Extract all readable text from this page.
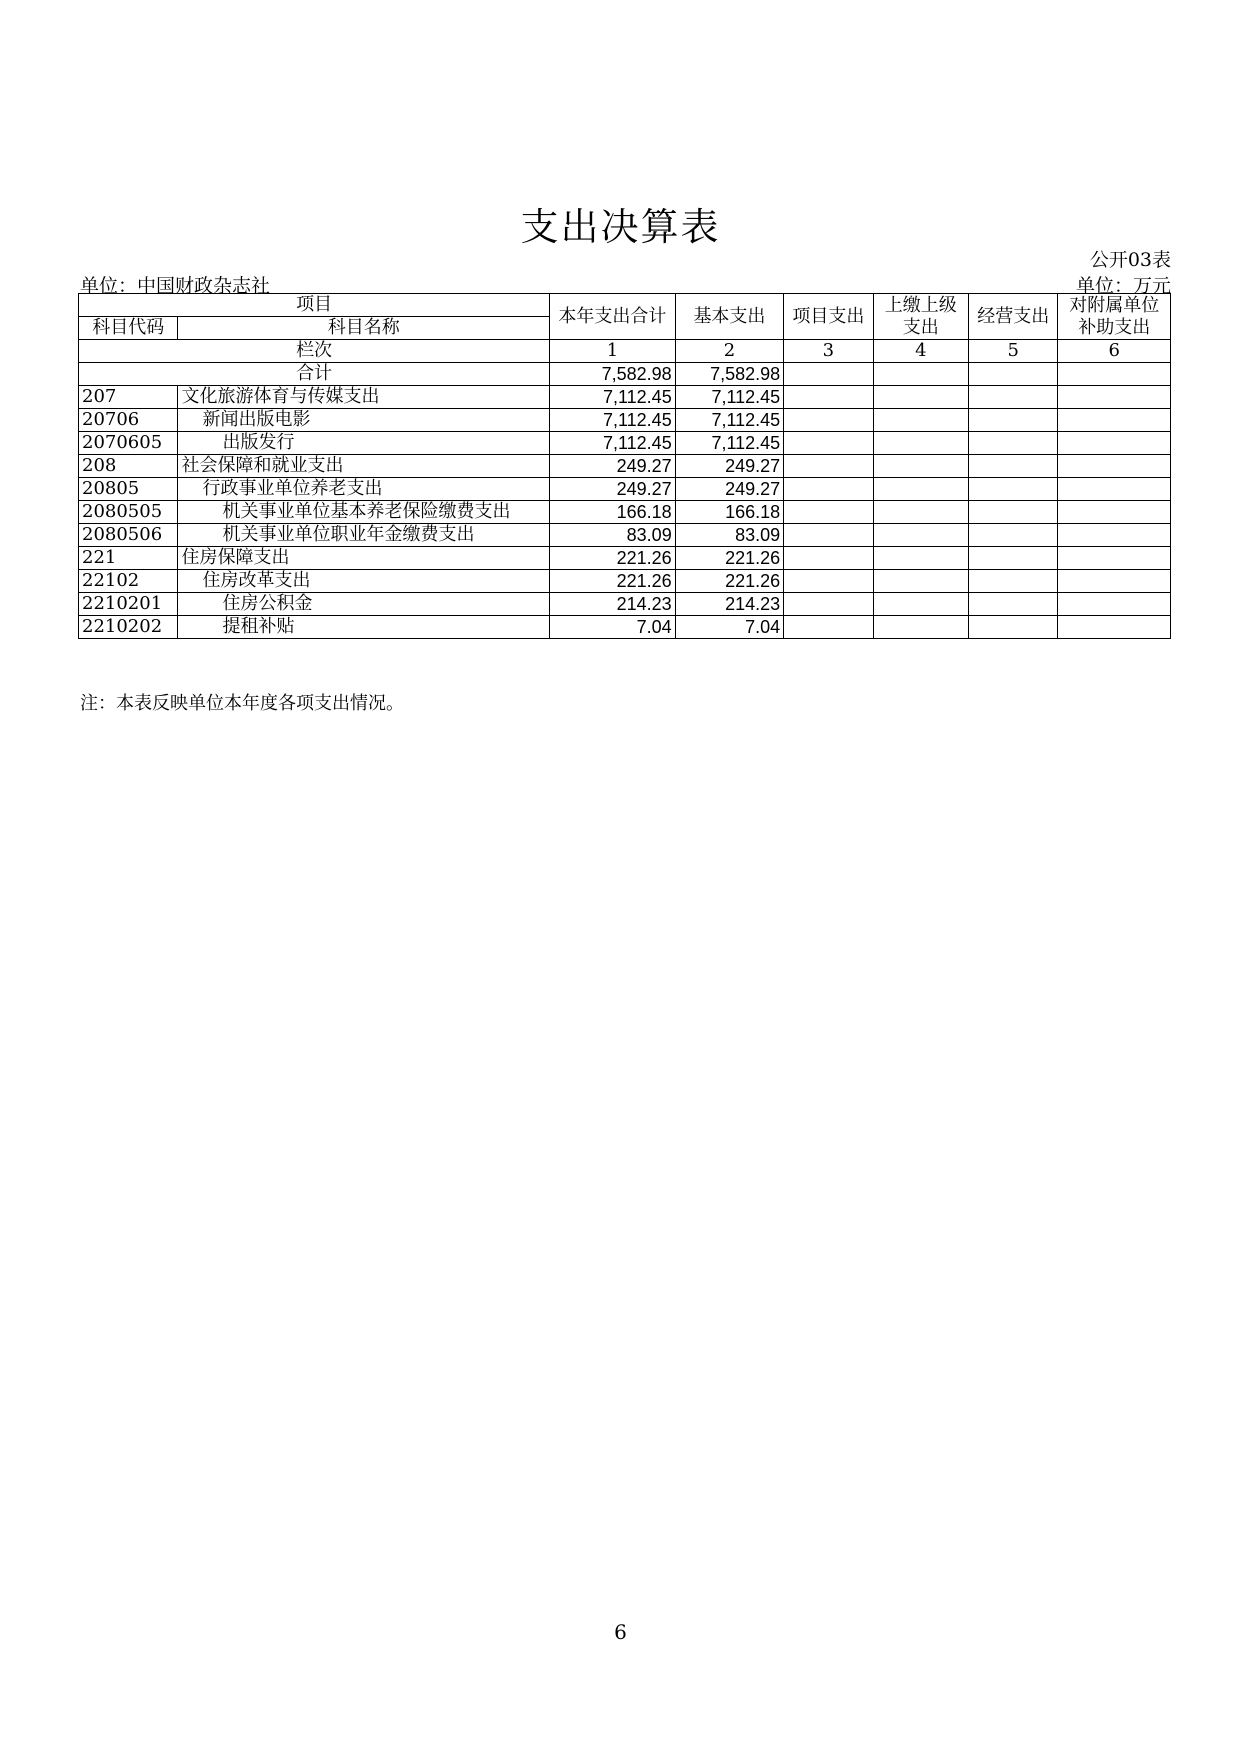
支出决算表
公开03表
单位：中国财政杂志社	单位：万元
项目		本年支出合计	基本支出	项目支出	上缴上级支出	经营支出	对附属单位补助支出
科目代码	科目名称						
栏次		1	2	3	4	5	6
合计		7,582.98	7,582.98				
207	文化旅游体育与传媒支出	7,112.45	7,112.45				
20706	新闻出版电影	7,112.45	7,112.45				
2070605	出版发行	7,112.45	7,112.45				
208	社会保障和就业支出	249.27	249.27				
20805	行政事业单位养老支出	249.27	249.27				
2080505	机关事业单位基本养老保险缴费支出	166.18	166.18				
2080506	机关事业单位职业年金缴费支出	83.09	83.09				
221	住房保障支出	221.26	221.26				
22102	住房改革支出	221.26	221.26				
2210201	住房公积金	214.23	214.23				
2210202	提租补贴	7.04	7.04				
注：本表反映单位本年度各项支出情况。
6
